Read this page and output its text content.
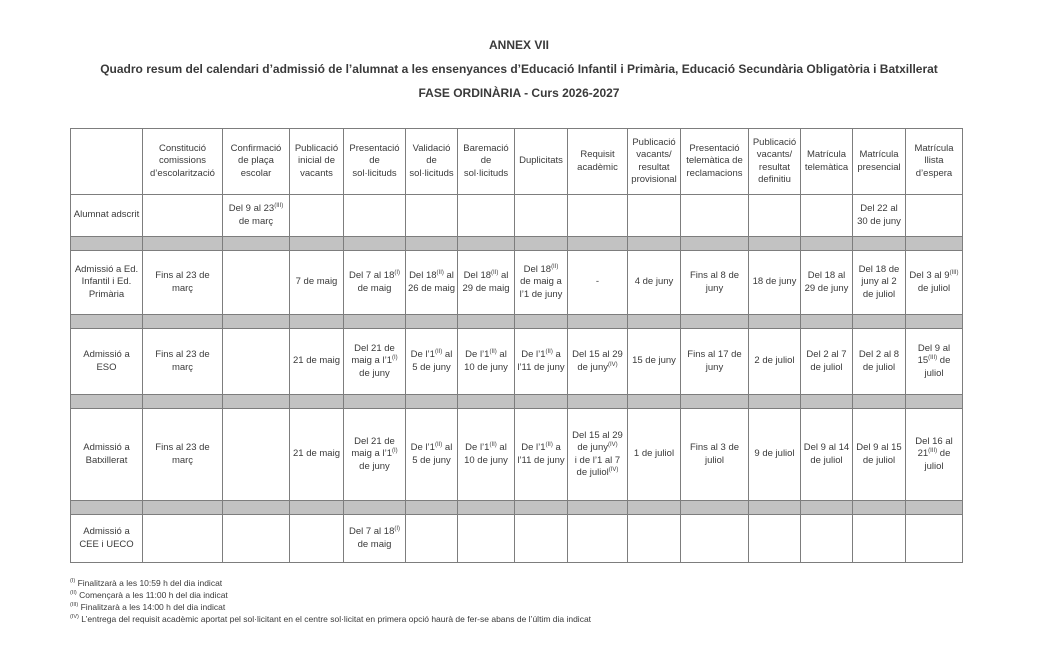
ANNEX VII
Quadro resum del calendari d’admissió de l’alumnat a les ensenyances d’Educació Infantil i Primària, Educació Secundària Obligatòria i Batxillerat
FASE ORDINÀRIA - Curs 2026-2027
	Constitució comissions d’escolarització	Confirmació de plaça escolar	Publicació inicial de vacants	Presentació de sol·licituds	Validació de sol·licituds	Baremació de sol·licituds	Duplicitats	Requisit acadèmic	Publicació vacants/ resultat provisional	Presentació telemàtica de reclamacions	Publicació vacants/ resultat definitiu	Matrícula telemàtica	Matrícula presencial	Matrícula llista d’espera
Alumnat adscrit		Del 9 al $23^{(III)}$ de març											Del 22 al 30 de juny	

Admissió a Ed. Infantil i Ed. Primària	Fins al 23 de març		7 de maig	Del 7 al $18^{(I)}$ de maig	Del $18^{(II)}$ al 26 de maig	Del $18^{(II)}$ al 29 de maig	Del $18^{(II)}$ de maig a l’1 de juny	-	4 de juny	Fins al 8 de juny	18 de juny	Del 18 al 29 de juny	Del 18 de juny al 2 de juliol	Del 3 al $9^{(III)}$ de juliol

Admissió a ESO	Fins al 23 de març		21 de maig	Del 21 de maig a $l’1^{(I)}$ de juny	De $l’1^{(II)}$ al 5 de juny	De $l’1^{(II)}$ al 10 de juny	De $l’1^{(II)}$ a l’11 de juny	Del 15 al 29 de juny$^{(IV)}$	15 de juny	Fins al 17 de juny	2 de juliol	Del 2 al 7 de juliol	Del 2 al 8 de juliol	Del 9 al $15^{(III)}$ de juliol

Admissió a Batxillerat	Fins al 23 de març		21 de maig	Del 21 de maig a $l’1^{(I)}$ de juny	De $l’1^{(II)}$ al 5 de juny	De $l’1^{(II)}$ al 10 de juny	De $l’1^{(II)}$ a l’11 de juny	Del 15 al 29 de juny$^{(IV)}$
i de l’1 al 7 de juliol$^{(IV)}$	1 de juliol	Fins al 3 de juliol	9 de juliol	Del 9 al 14 de juliol	Del 9 al 15 de juliol	Del 16 al $21^{(III)}$ de juliol

Admissió a CEE i UECO				Del 7 al $18^{(I)}$ de maig										
$^{(I)}$ Finalitzarà a les 10:59 h del dia indicat
$^{(II)}$ Començarà a les 11:00 h del dia indicat
$^{(III)}$ Finalitzarà a les 14:00 h del dia indicat
$^{(IV)}$ L’entrega del requisit acadèmic aportat pel sol·licitant en el centre sol·licitat en primera opció haurà de fer-se abans de l’últim dia indicat
